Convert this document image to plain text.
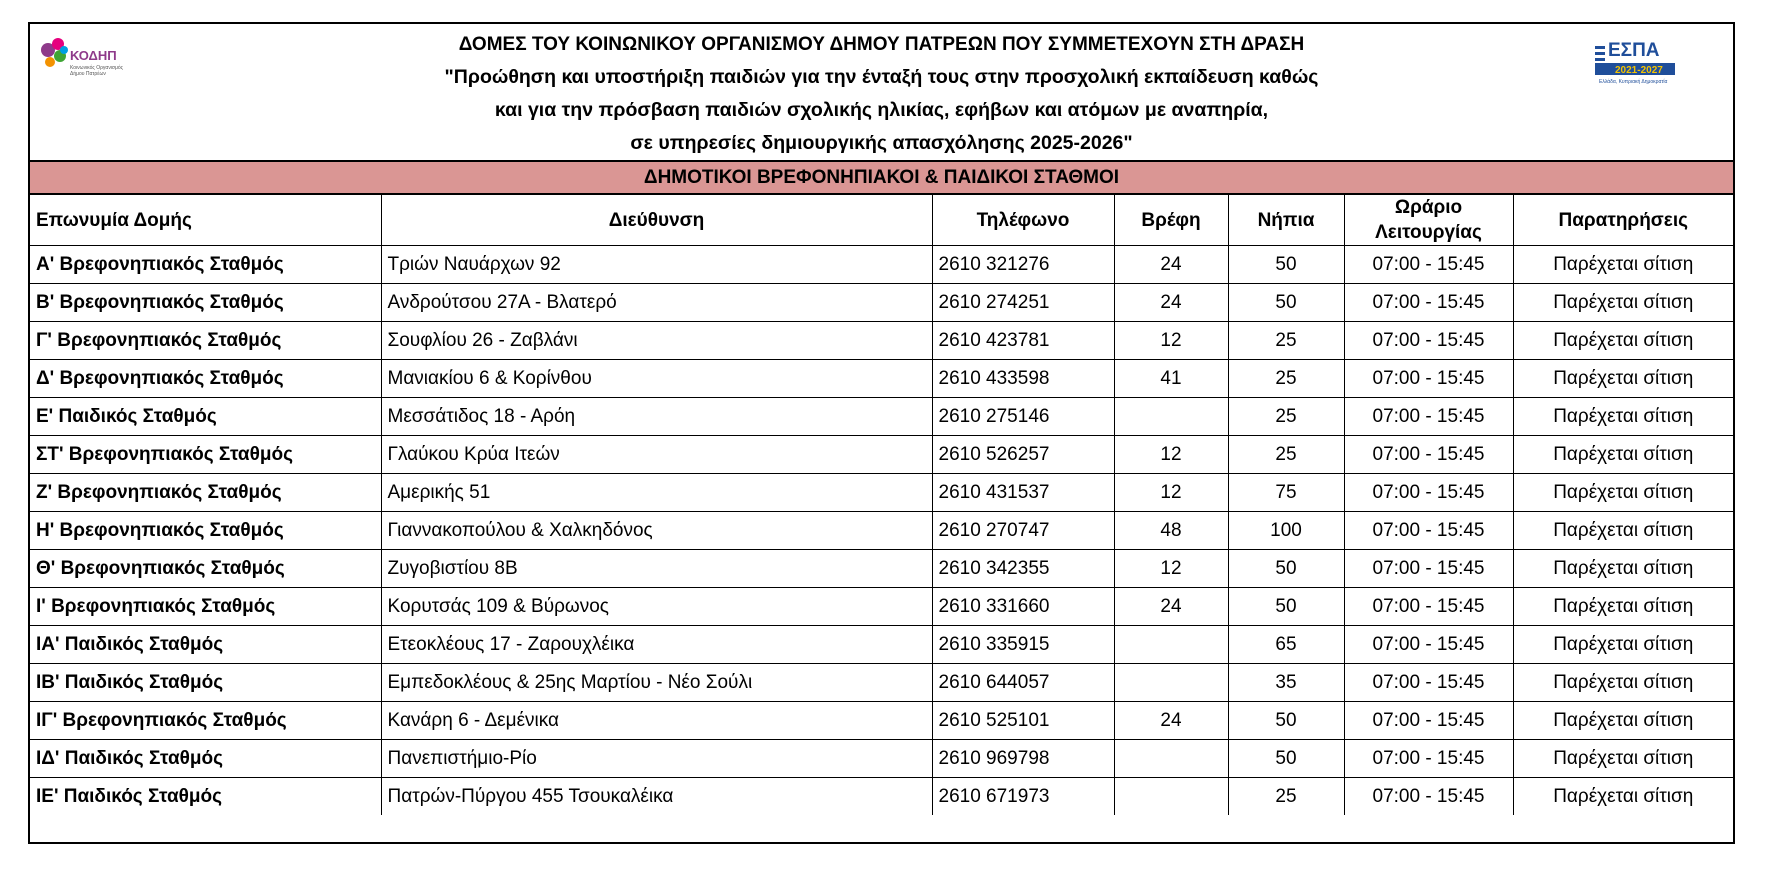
ΚΟΔΗΠ
Κοινωνικός Οργανισμός
Δήμου Πατρέων
ΔΟΜΕΣ ΤΟΥ ΚΟΙΝΩΝΙΚΟΥ ΟΡΓΑΝΙΣΜΟΥ ΔΗΜΟΥ ΠΑΤΡΕΩΝ ΠΟΥ ΣΥΜΜΕΤΕΧΟΥΝ ΣΤΗ ΔΡΑΣΗ
"Προώθηση και υποστήριξη παιδιών για την ένταξή τους στην προσχολική εκπαίδευση καθώς
και για την πρόσβαση παιδιών σχολικής ηλικίας, εφήβων και ατόμων με αναπηρία,
σε υπηρεσίες δημιουργικής απασχόλησης 2025-2026"
ΕΣΠΑ
2021-2027
Ελλάδα, Κυπριακή Δημοκρατία
ΔΗΜΟΤΙΚΟΙ ΒΡΕΦΟΝΗΠΙΑΚΟΙ & ΠΑΙΔΙΚΟΙ ΣΤΑΘΜΟΙ
Επωνυμία Δομής	Διεύθυνση	Τηλέφωνο	Βρέφη	Νήπια	Ωράριο
Λειτουργίας	Παρατηρήσεις
Α' Βρεφονηπιακός Σταθμός	Τριών Ναυάρχων 92	2610 321276	24	50	07:00 - 15:45	Παρέχεται σίτιση
Β' Βρεφονηπιακός Σταθμός	Ανδρούτσου 27Α - Βλατερό	2610 274251	24	50	07:00 - 15:45	Παρέχεται σίτιση
Γ' Βρεφονηπιακός Σταθμός	Σουφλίου 26 - Ζαβλάνι	2610 423781	12	25	07:00 - 15:45	Παρέχεται σίτιση
Δ' Βρεφονηπιακός Σταθμός	Μανιακίου 6 & Κορίνθου	2610 433598	41	25	07:00 - 15:45	Παρέχεται σίτιση
Ε' Παιδικός Σταθμός	Μεσσάτιδος 18 - Αρόη	2610 275146		25	07:00 - 15:45	Παρέχεται σίτιση
ΣΤ' Βρεφονηπιακός Σταθμός	Γλαύκου Κρύα Ιτεών	2610 526257	12	25	07:00 - 15:45	Παρέχεται σίτιση
Ζ' Βρεφονηπιακός Σταθμός	Αμερικής 51	2610 431537	12	75	07:00 - 15:45	Παρέχεται σίτιση
Η' Βρεφονηπιακός Σταθμός	Γιαννακοπούλου & Χαλκηδόνος	2610 270747	48	100	07:00 - 15:45	Παρέχεται σίτιση
Θ' Βρεφονηπιακός Σταθμός	Ζυγοβιστίου 8Β	2610 342355	12	50	07:00 - 15:45	Παρέχεται σίτιση
Ι' Βρεφονηπιακός Σταθμός	Κορυτσάς 109 & Βύρωνος	2610 331660	24	50	07:00 - 15:45	Παρέχεται σίτιση
ΙΑ' Παιδικός Σταθμός	Ετεοκλέους 17 - Ζαρουχλέικα	2610 335915		65	07:00 - 15:45	Παρέχεται σίτιση
ΙΒ' Παιδικός Σταθμός	Εμπεδοκλέους & 25ης Μαρτίου - Νέο Σούλι	2610 644057		35	07:00 - 15:45	Παρέχεται σίτιση
ΙΓ' Βρεφονηπιακός Σταθμός	Κανάρη 6 - Δεμένικα	2610 525101	24	50	07:00 - 15:45	Παρέχεται σίτιση
ΙΔ' Παιδικός Σταθμός	Πανεπιστήμιο-Ρίο	2610 969798		50	07:00 - 15:45	Παρέχεται σίτιση
ΙΕ' Παιδικός Σταθμός	Πατρών-Πύργου 455 Τσουκαλέικα	2610 671973		25	07:00 - 15:45	Παρέχεται σίτιση
